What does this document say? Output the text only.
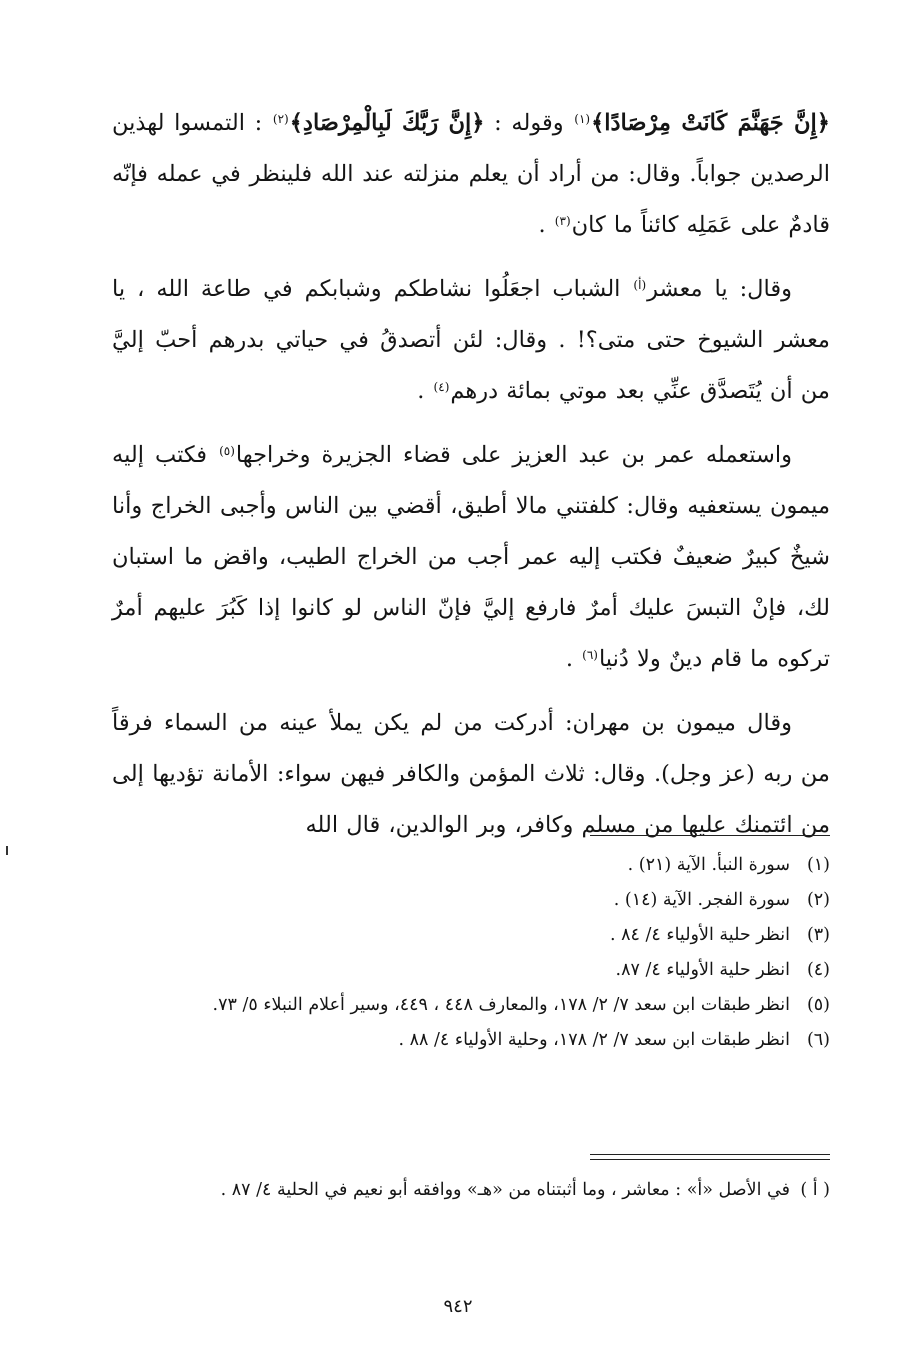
﴿إِنَّ جَهَنَّمَ كَانَتْ مِرْصَادًا﴾$^{(١)}$ وقوله : ﴿إِنَّ رَبَّكَ لَبِالْمِرْصَادِ﴾$^{(٢)}$ : التمسوا لهذين الرصدين جواباً. وقال: من أراد أن يعلم منزلته عند الله فلينظر في عمله فإنّه قادمٌ على عَمَلِه كائناً ما كان$^{(٣)}$ .

وقال: يا معشر$^{(أ)}$ الشباب اجعَلُوا نشاطكم وشبابكم في طاعة الله ، يا معشر الشيوخ حتى متى؟! . وقال: لئن أتصدقُ في حياتي بدرهم أحبّ إليَّ من أن يُتَصدَّق عنِّي بعد موتي بمائة درهم$^{(٤)}$ .

واستعمله عمر بن عبد العزيز على قضاء الجزيرة وخراجها$^{(٥)}$ فكتب إليه ميمون يستعفيه وقال: كلفتني مالا أطيق، أقضي بين الناس وأجبى الخراج وأنا شيخٌ كبيرٌ ضعيفٌ فكتب إليه عمر أجب من الخراج الطيب، واقض ما استبان لك، فإنْ التبسَ عليك أمرٌ فارفع إليَّ فإنّ الناس لو كانوا إذا كَبُرَ عليهم أمرٌ تركوه ما قام دينٌ ولا دُنيا$^{(٦)}$ .

وقال ميمون بن مهران: أدركت من لم يكن يملأ عينه من السماء فرقاً من ربه (عز وجل). وقال: ثلاث المؤمن والكافر فيهن سواء: الأمانة تؤديها إلى من ائتمنك عليها من مسلم وكافر، وبر الوالدين، قال الله

(١)
سورة النبأ. الآية (٢١) .
(٢)
سورة الفجر. الآية (١٤) .
(٣)
انظر حلية الأولياء ٤/ ٨٤ .
(٤)
انظر حلية الأولياء ٤/ ٨٧.
(٥)
انظر طبقات ابن سعد ٧/ ٢/ ١٧٨، والمعارف ٤٤٨ ، ٤٤٩، وسير أعلام النبلاء ٥/ ٧٣.
(٦)
انظر طبقات ابن سعد ٧/ ٢/ ١٧٨، وحلية الأولياء ٤/ ٨٨ .
( أ )
في الأصل «أ» : معاشر ، وما أثبتناه من «هـ» ووافقه أبو نعيم في الحلية ٤/ ٨٧ .
٩٤٢
